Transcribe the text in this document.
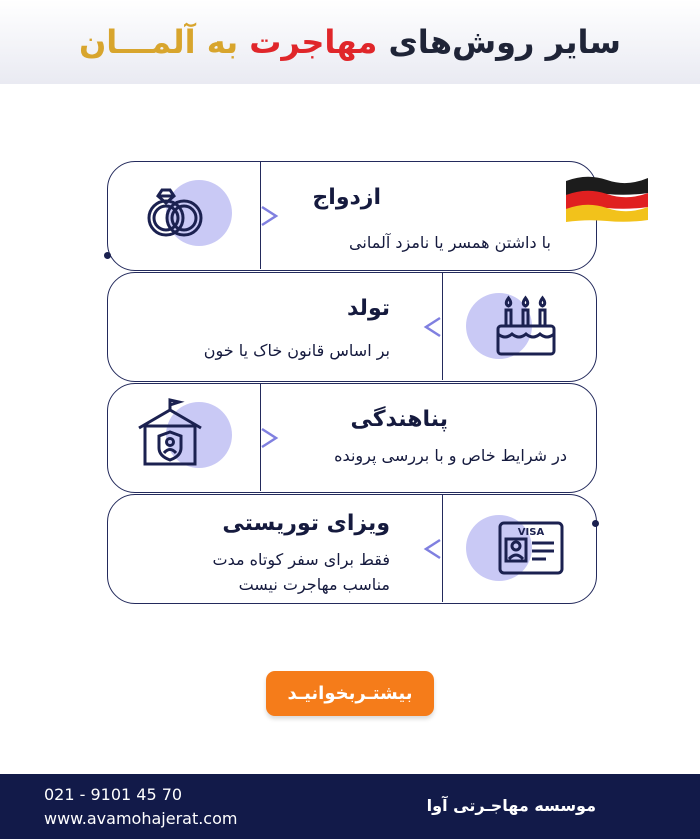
سایر روش‌های مهاجرت به آلمـــان
ازدواج
با داشتن همسر یا نامزد آلمانی
تولد
بر اساس قانون خاک یا خون
پناهندگی
در شرایط خاص و با بررسی پرونده
VISA
ویزای توریستی
فقط برای سفر کوتاه مدت
مناسب مهاجرت نیست
بیشتـربخوانیـد
021 - 9101 45 70
www.avamohajerat.com
موسسه مهاجـرتی آوا
